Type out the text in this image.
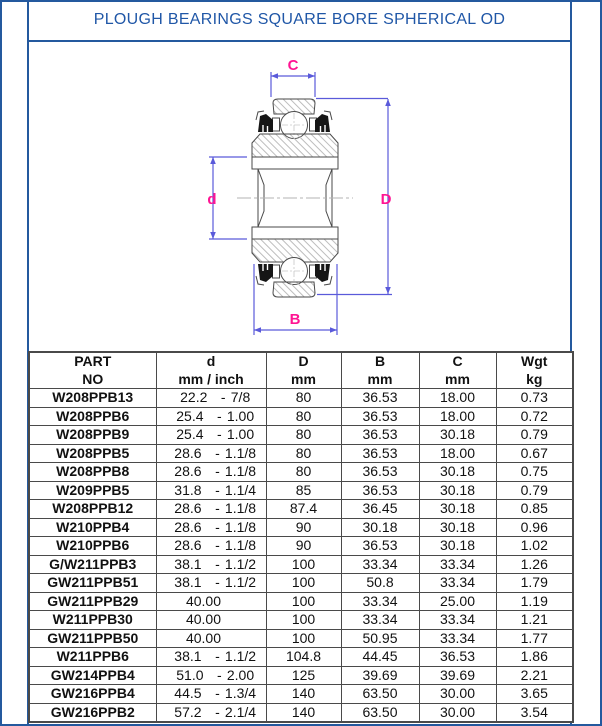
PLOUGH BEARINGS SQUARE BORE SPHERICAL OD
C
D
d
B
PART
NO

d
mm / inch

D
mm

B
mm

C
mm

Wgt
kg

W208PPB13	22.2 - 7/8	80	36.53	18.00	0.73
W208PPB6	25.4 - 1.00	80	36.53	18.00	0.72
W208PPB9	25.4 - 1.00	80	36.53	30.18	0.79
W208PPB5	28.6 - 1.1/8	80	36.53	18.00	0.67
W208PPB8	28.6 - 1.1/8	80	36.53	30.18	0.75
W209PPB5	31.8 - 1.1/4	85	36.53	30.18	0.79
W208PPB12	28.6 - 1.1/8	87.4	36.45	30.18	0.85
W210PPB4	28.6 - 1.1/8	90	30.18	30.18	0.96
W210PPB6	28.6 - 1.1/8	90	36.53	30.18	1.02
G/W211PPB3	38.1 - 1.1/2	100	33.34	33.34	1.26
GW211PPB51	38.1 - 1.1/2	100	50.8	33.34	1.79
GW211PPB29	40.00	100	33.34	25.00	1.19
W211PPB30	40.00	100	33.34	33.34	1.21
GW211PPB50	40.00	100	50.95	33.34	1.77
W211PPB6	38.1 - 1.1/2	104.8	44.45	36.53	1.86
GW214PPB4	51.0 - 2.00	125	39.69	39.69	2.21
GW216PPB4	44.5 - 1.3/4	140	63.50	30.00	3.65
GW216PPB2	57.2 - 2.1/4	140	63.50	30.00	3.54
